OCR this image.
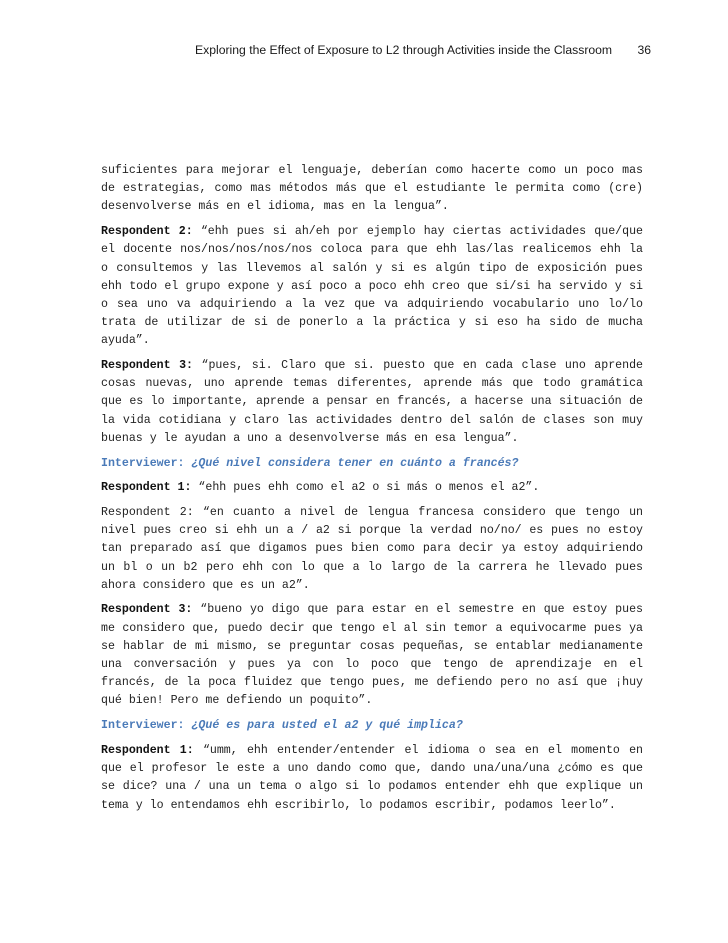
Exploring the Effect of Exposure to L2 through Activities inside the Classroom 36

suficientes para mejorar el lenguaje, deberían como hacerte como un poco mas de estrategias, como mas métodos más que el estudiante le permita como (cre) desenvolverse más en el idioma, mas en la lengua”.

Respondent 2: “ehh pues si ah/eh por ejemplo hay ciertas actividades que/que el docente nos/nos/nos/nos/nos coloca para que ehh las/las realicemos ehh la o consultemos y las llevemos al salón y si es algún tipo de exposición pues ehh todo el grupo expone y así poco a poco ehh creo que si/si ha servido y si o sea uno va adquiriendo a la vez que va adquiriendo vocabulario uno lo/lo trata de utilizar de si de ponerlo a la práctica y si eso ha sido de mucha ayuda”.

Respondent 3: “pues, si. Claro que si. puesto que en cada clase uno aprende cosas nuevas, uno aprende temas diferentes, aprende más que todo gramática que es lo importante, aprende a pensar en francés, a hacerse una situación de la vida cotidiana y claro las actividades dentro del salón de clases son muy buenas y le ayudan a uno a desenvolverse más en esa lengua”.

Interviewer: ¿Qué nivel considera tener en cuánto a francés?

Respondent 1: “ehh pues ehh como el a2 o si más o menos el a2”.

Respondent 2: “en cuanto a nivel de lengua francesa considero que tengo un nivel pues creo si ehh un a / a2 si porque la verdad no/no/ es pues no estoy tan preparado así que digamos pues bien como para decir ya estoy adquiriendo un bl o un b2 pero ehh con lo que a lo largo de la carrera he llevado pues ahora considero que es un a2”.

Respondent 3: “bueno yo digo que para estar en el semestre en que estoy pues me considero que, puedo decir que tengo el al sin temor a equivocarme pues ya se hablar de mi mismo, se preguntar cosas pequeñas, se entablar medianamente una conversación y pues ya con lo poco que tengo de aprendizaje en el francés, de la poca fluidez que tengo pues, me defiendo pero no así que ¡huy qué bien! Pero me defiendo un poquito”.

Interviewer: ¿Qué es para usted el a2 y qué implica?

Respondent 1: “umm, ehh entender/entender el idioma o sea en el momento en que el profesor le este a uno dando como que, dando una/una/una ¿cómo es que se dice? una / una un tema o algo si lo podamos entender ehh que explique un tema y lo entendamos ehh escribirlo, lo podamos escribir, podamos leerlo”.
